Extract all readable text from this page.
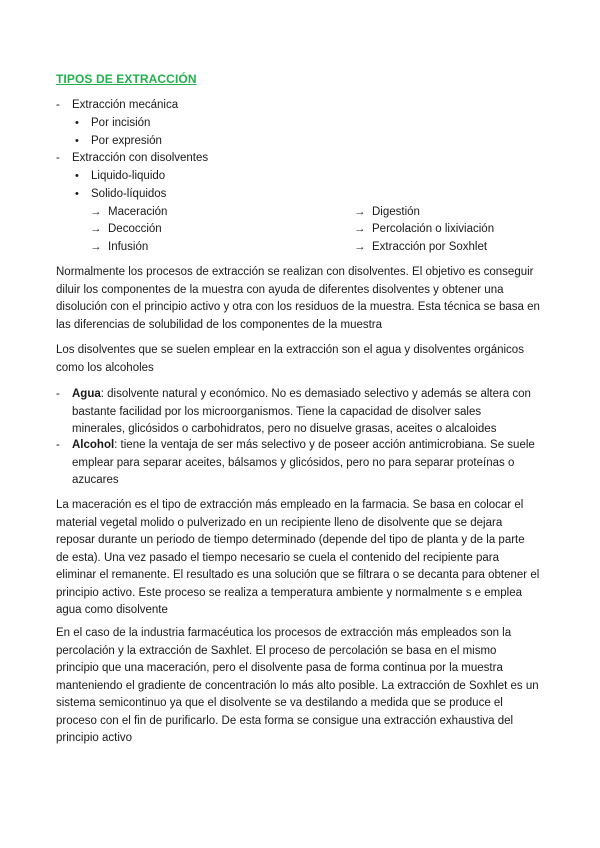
TIPOS DE EXTRACCIÓN
- Extracción mecánica
• Por incisión
• Por expresión
- Extracción con disolventes
• Liquido-liquido
• Solido-líquidos
→ Maceración
→ Decocción
→ Infusión
→ Digestión
→ Percolación o lixiviación
→ Extracción por Soxhlet
Normalmente los procesos de extracción se realizan con disolventes. El objetivo es conseguir
diluir los componentes de la muestra con ayuda de diferentes disolventes y obtener una
disolución con el principio activo y otra con los residuos de la muestra. Esta técnica se basa en
las diferencias de solubilidad de los componentes de la muestra
Los disolventes que se suelen emplear en la extracción son el agua y disolventes orgánicos
como los alcoholes
- Agua: disolvente natural y económico. No es demasiado selectivo y además se altera con
bastante facilidad por los microorganismos. Tiene la capacidad de disolver sales
minerales, glicósidos o carbohidratos, pero no disuelve grasas, aceites o alcaloides
- Alcohol: tiene la ventaja de ser más selectivo y de poseer acción antimicrobiana. Se suele
emplear para separar aceites, bálsamos y glicósidos, pero no para separar proteínas o
azucares
La maceración es el tipo de extracción más empleado en la farmacia. Se basa en colocar el
material vegetal molido o pulverizado en un recipiente lleno de disolvente que se dejara
reposar durante un periodo de tiempo determinado (depende del tipo de planta y de la parte
de esta). Una vez pasado el tiempo necesario se cuela el contenido del recipiente para
eliminar el remanente. El resultado es una solución que se filtrara o se decanta para obtener el
principio activo. Este proceso se realiza a temperatura ambiente y normalmente s e emplea
agua como disolvente
En el caso de la industria farmacéutica los procesos de extracción más empleados son la
percolación y la extracción de Saxhlet. El proceso de percolación se basa en el mismo
principio que una maceración, pero el disolvente pasa de forma continua por la muestra
manteniendo el gradiente de concentración lo más alto posible. La extracción de Soxhlet es un
sistema semicontinuo ya que el disolvente se va destilando a medida que se produce el
proceso con el fin de purificarlo. De esta forma se consigue una extracción exhaustiva del
principio activo
